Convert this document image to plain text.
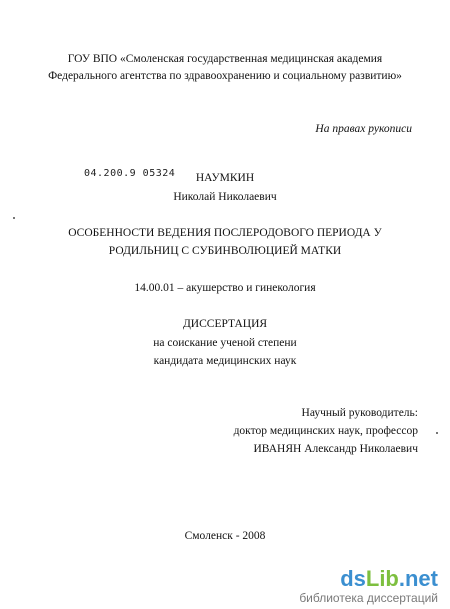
ГОУ ВПО «Смоленская государственная медицинская академия
Федерального агентства по здравоохранению и социальному развитию»
На правах рукописи
04.200.9 05324	НАУМКИН
Николай Николаевич
ОСОБЕННОСТИ ВЕДЕНИЯ ПОСЛЕРОДОВОГО ПЕРИОДА У
РОДИЛЬНИЦ С СУБИНВОЛЮЦИЕЙ МАТКИ
14.00.01 – акушерство и гинекология
ДИССЕРТАЦИЯ
на соискание ученой степени
кандидата медицинских наук
Научный руководитель:
доктор медицинских наук, профессор
ИВАНЯН Александр Николаевич
Смоленск - 2008
ds Lib .net
библиотека диссертаций
